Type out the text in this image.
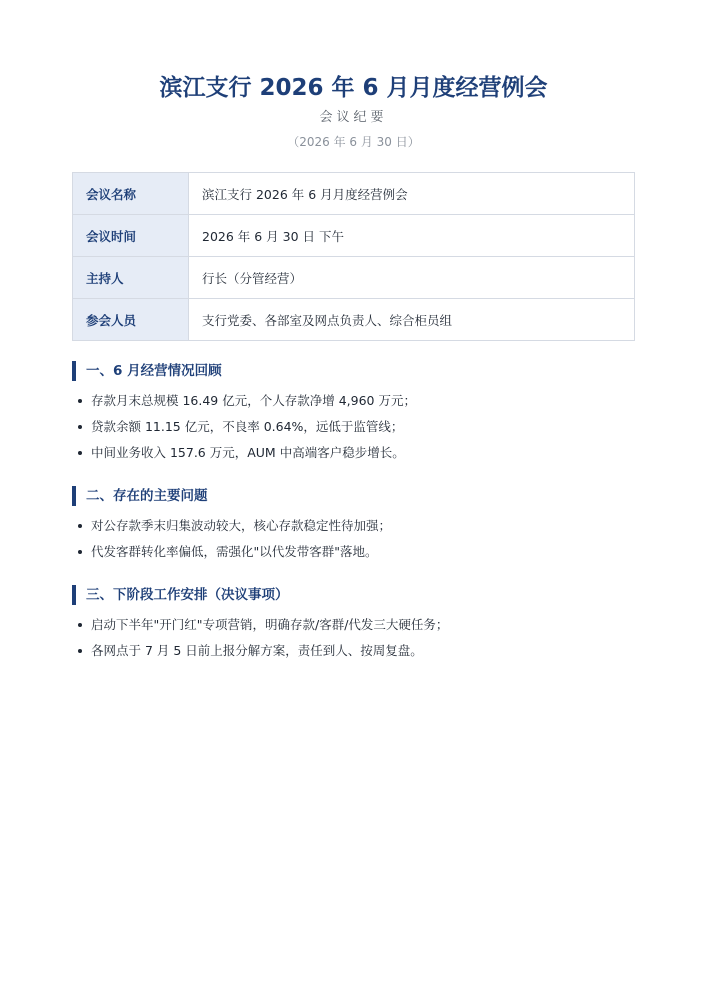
滨江支行 2026 年 6 月月度经营例会
会议纪要
（2026 年 6 月 30 日）
会议名称	滨江支行 2026 年 6 月月度经营例会
会议时间	2026 年 6 月 30 日 下午
主持人	行长（分管经营）
参会人员	支行党委、各部室及网点负责人、综合柜员组
一、6 月经营情况回顾
存款月末总规模 16.49 亿元，个人存款净增 4,960 万元；
贷款余额 11.15 亿元，不良率 0.64%，远低于监管线；
中间业务收入 157.6 万元，AUM 中高端客户稳步增长。
二、存在的主要问题
对公存款季末归集波动较大，核心存款稳定性待加强；
代发客群转化率偏低，需强化"以代发带客群"落地。
三、下阶段工作安排（决议事项）
启动下半年"开门红"专项营销，明确存款/客群/代发三大硬任务；
各网点于 7 月 5 日前上报分解方案，责任到人、按周复盘。
